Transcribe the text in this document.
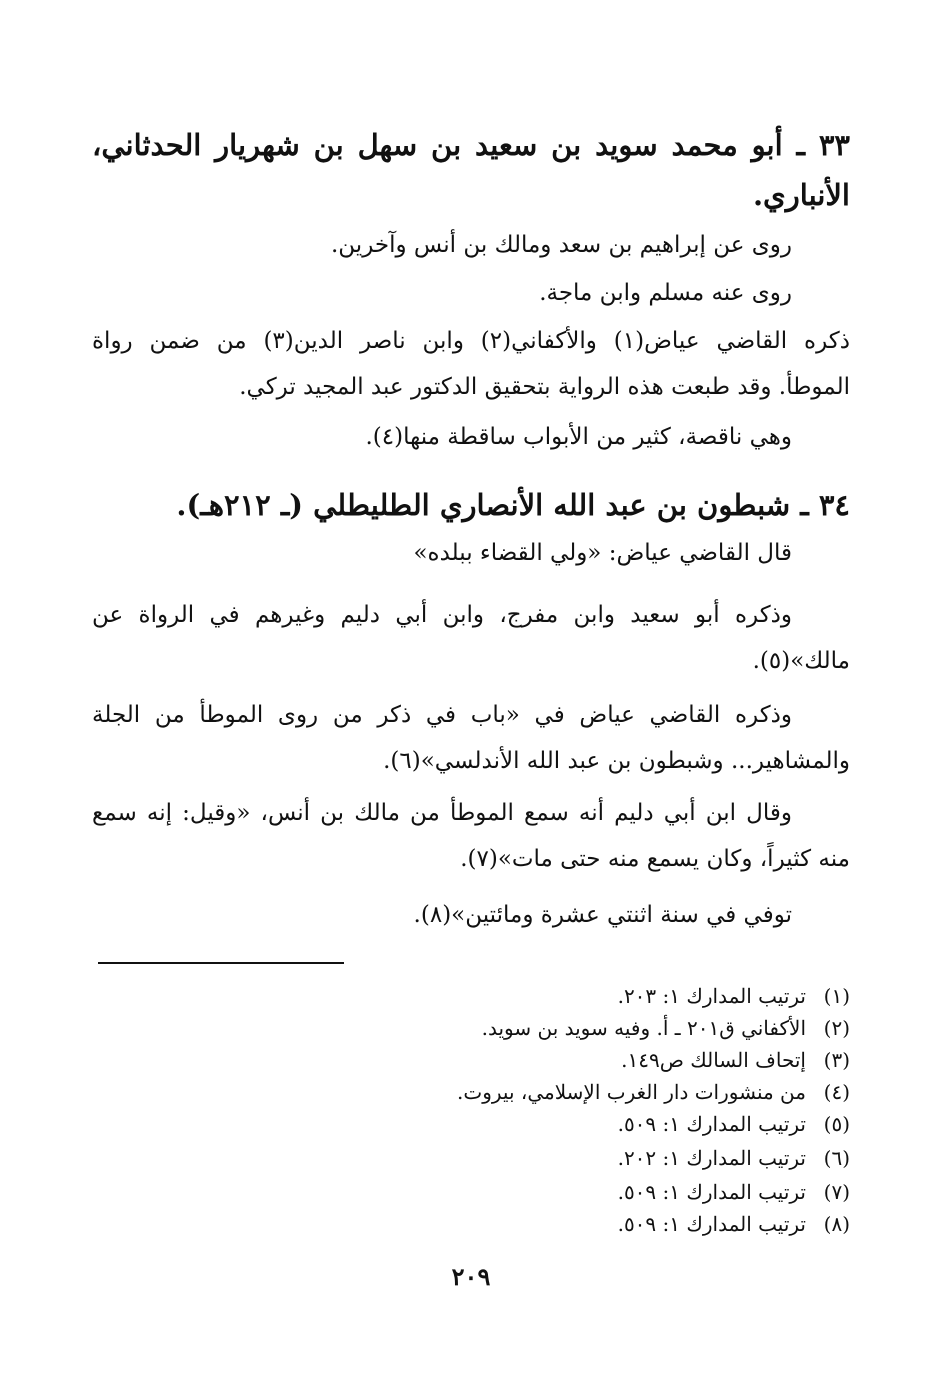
٣٣ ـ أبو محمد سويد بن سعيد بن سهل بن شهريار الحدثاني،
الأنباري.
روى عن إبراهيم بن سعد ومالك بن أنس وآخرين.
روى عنه مسلم وابن ماجة.
ذكره القاضي عياض(١) والأكفاني(٢) وابن ناصر الدين(٣) من ضمن رواة
الموطأ. وقد طبعت هذه الرواية بتحقيق الدكتور عبد المجيد تركي.
وهي ناقصة، كثير من الأبواب ساقطة منها(٤).
٣٤ ـ شبطون بن عبد الله الأنصاري الطليطلي (ـ ٢١٢هـ).
قال القاضي عياض: «ولي القضاء ببلده»
وذكره أبو سعيد وابن مفرج، وابن أبي دليم وغيرهم في الرواة عن
مالك»(٥).
وذكره القاضي عياض في «باب في ذكر من روى الموطأ من الجلة
والمشاهير... وشبطون بن عبد الله الأندلسي»(٦).
وقال ابن أبي دليم أنه سمع الموطأ من مالك بن أنس، «وقيل: إنه سمع
منه كثيراً، وكان يسمع منه حتى مات»(٧).
توفي في سنة اثنتي عشرة ومائتين»(٨).
(١)ترتيب المدارك ١: ٢٠٣.
(٢)الأكفاني ق٢٠١ ـ أ. وفيه سويد بن سويد.
(٣)إتحاف السالك ص١٤٩.
(٤)من منشورات دار الغرب الإسلامي، بيروت.
(٥)ترتيب المدارك ١: ٥٠٩.
(٦)ترتيب المدارك ١: ٢٠٢.
(٧)ترتيب المدارك ١: ٥٠٩.
(٨)ترتيب المدارك ١: ٥٠٩.
٢٠٩
